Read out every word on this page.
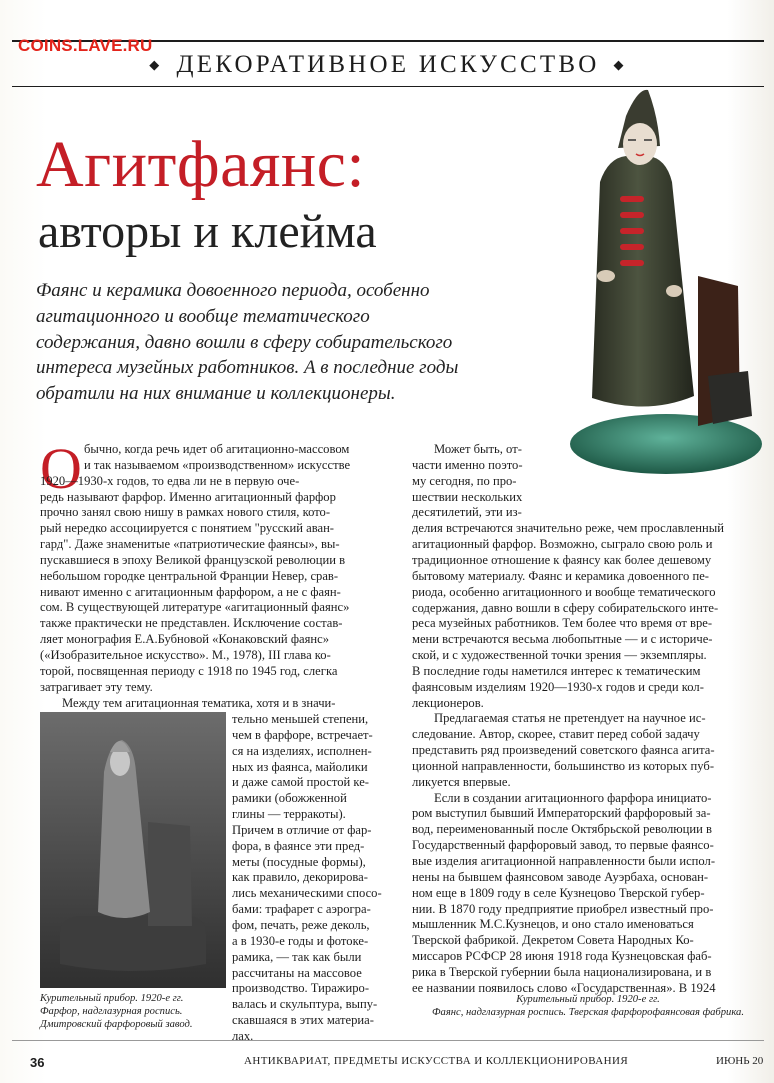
◆ ДЕКОРАТИВНОЕ ИСКУССТВО ◆
COINS.LAVE.RU
Агитфаянс:
авторы и клейма
Фаянс и керамика довоенного периода, особенно
агитационного и вообще тематического
содержания, давно вошли в сферу собирательского
интереса музейных работников. А в последние годы
обратили на них внимание и коллекционеры.
О бычно, когда речь идет об агитационно-массовом
и так называемом «производственном» искусстве
1920—1930-х годов, то едва ли не в первую оче-
редь называют фарфор. Именно агитационный фарфор
прочно занял свою нишу в рамках нового стиля, кото-
рый нередко ассоциируется с понятием "русский аван-
гард". Даже знаменитые «патриотические фаянсы», вы-
пускавшиеся в эпоху Великой французской революции в
небольшом городке центральной Франции Невер, срав-
нивают именно с агитационным фарфором, а не с фаян-
сом. В существующей литературе «агитационный фаянс»
также практически не представлен. Исключение состав-
ляет монография Е.А.Бубновой «Конаковский фаянс»
(«Изобразительное искусство». М., 1978), III глава ко-
торой, посвященная периоду с 1918 по 1945 год, слегка
затрагивает эту тему.
Между тем агитационная тематика, хотя и в значи-
тельно меньшей степени,
чем в фарфоре, встречает-
ся на изделиях, исполнен-
ных из фаянса, майолики
и даже самой простой ке-
рамики (обожженной
глины — терракоты).
Причем в отличие от фар-
фора, в фаянсе эти пред-
меты (посудные формы),
как правило, декорирова-
лись механическими спосо-
бами: трафарет с аэрогра-
фом, печать, реже деколь,
а в 1930-е годы и фотоке-
рамика, — так как были
рассчитаны на массовое
производство. Тиражиро-
валась и скульптура, выпу-
скавшаяся в этих материа-
лах.
Курительный прибор. 1920-е гг.
Фарфор, надглазурная роспись.
Дмитровский фарфоровый завод.
Может быть, от-
части именно поэто-
му сегодня, по про-
шествии нескольких
десятилетий, эти из-
делия встречаются значительно реже, чем прославленный
агитационный фарфор. Возможно, сыграло свою роль и
традиционное отношение к фаянсу как более дешевому
бытовому материалу. Фаянс и керамика довоенного пе-
риода, особенно агитационного и вообще тематического
содержания, давно вошли в сферу собирательского инте-
реса музейных работников. Тем более что время от вре-
мени встречаются весьма любопытные — и с историче-
ской, и с художественной точки зрения — экземпляры.
В последние годы наметился интерес к тематическим
фаянсовым изделиям 1920—1930-х годов и среди кол-
лекционеров.
Предлагаемая статья не претендует на научное ис-
следование. Автор, скорее, ставит перед собой задачу
представить ряд произведений советского фаянса агита-
ционной направленности, большинство из которых пуб-
ликуется впервые.
Если в создании агитационного фарфора инициато-
ром выступил бывший Императорский фарфоровый за-
вод, переименованный после Октябрьской революции в
Государственный фарфоровый завод, то первые фаянсо-
вые изделия агитационной направленности были испол-
нены на бывшем фаянсовом заводе Ауэрбаха, основан-
ном еще в 1809 году в селе Кузнецово Тверской губер-
нии. В 1870 году предприятие приобрел известный про-
мышленник М.С.Кузнецов, и оно стало именоваться
Тверской фабрикой. Декретом Совета Народных Ко-
миссаров РСФСР 28 июня 1918 года Кузнецовская фаб-
рика в Тверской губернии была национализирована, и в
ее названии появилось слово «Государственная». В 1924
Курительный прибор. 1920-е гг.
Фаянс, надглазурная роспись. Тверская фарфорофаянсовая фабрика.
36	АНТИКВАРИАТ, ПРЕДМЕТЫ ИСКУССТВА И КОЛЛЕКЦИОНИРОВАНИЯ	ИЮНЬ 20
